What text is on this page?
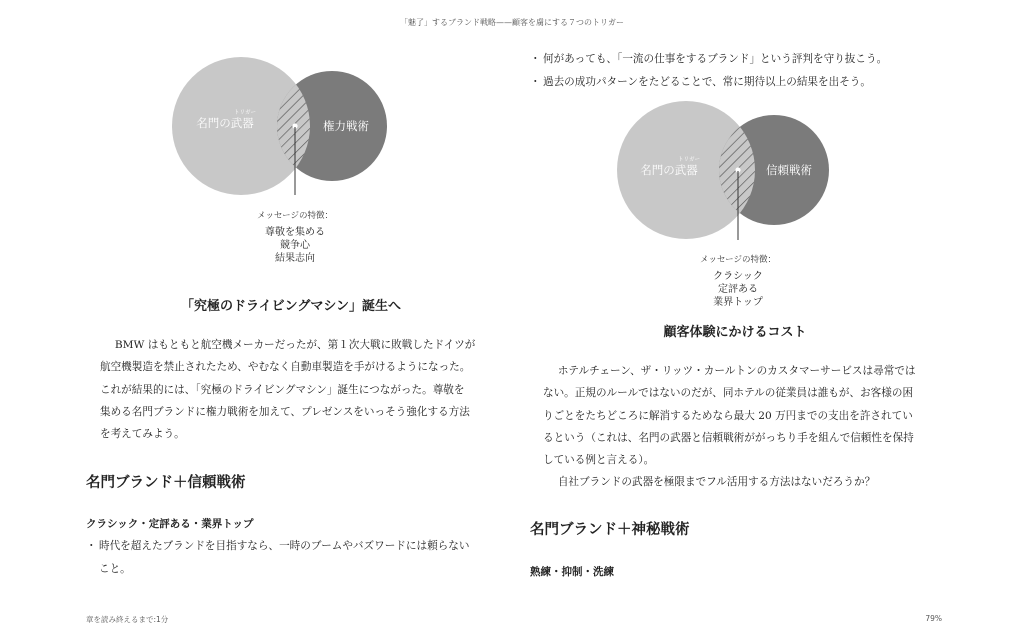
「魅了」するブランド戦略——顧客を虜にする７つのトリガー
名門の武器
トリガー
権力戦術
メッセージの特徴：
尊敬を集める
競争心
結果志向
「究極のドライビングマシン」誕生へ

BMW はもともと航空機メーカーだったが、第１次大戦に敗戦したドイツが

航空機製造を禁止されたため、やむなく自動車製造を手がけるようになった。

これが結果的には、「究極のドライビングマシン」誕生につながった。尊敬を

集める名門ブランドに権力戦術を加えて、プレゼンスをいっそう強化する方法

を考えてみよう。

名門ブランド＋信頼戦術
クラシック・定評ある・業界トップ
・ 時代を超えたブランドを目指すなら、一時のブームやバズワードには頼らない
こと。
・ 何があっても、「一流の仕事をするブランド」という評判を守り抜こう。
・ 過去の成功パターンをたどることで、常に期待以上の結果を出そう。
名門の武器
トリガー
信頼戦術
メッセージの特徴：
クラシック
定評ある
業界トップ
顧客体験にかけるコスト

ホテルチェーン、ザ・リッツ・カールトンのカスタマーサービスは尋常では

ない。正規のルールではないのだが、同ホテルの従業員は誰もが、お客様の困

りごとをたちどころに解消するためなら最大 20 万円までの支出を許されてい

るという（これは、名門の武器と信頼戦術ががっちり手を組んで信頼性を保持

している例と言える）。

自社ブランドの武器を極限までフル活用する方法はないだろうか？

名門ブランド＋神秘戦術
熟練・抑制・洗練
章を読み終えるまで:1分	79%
